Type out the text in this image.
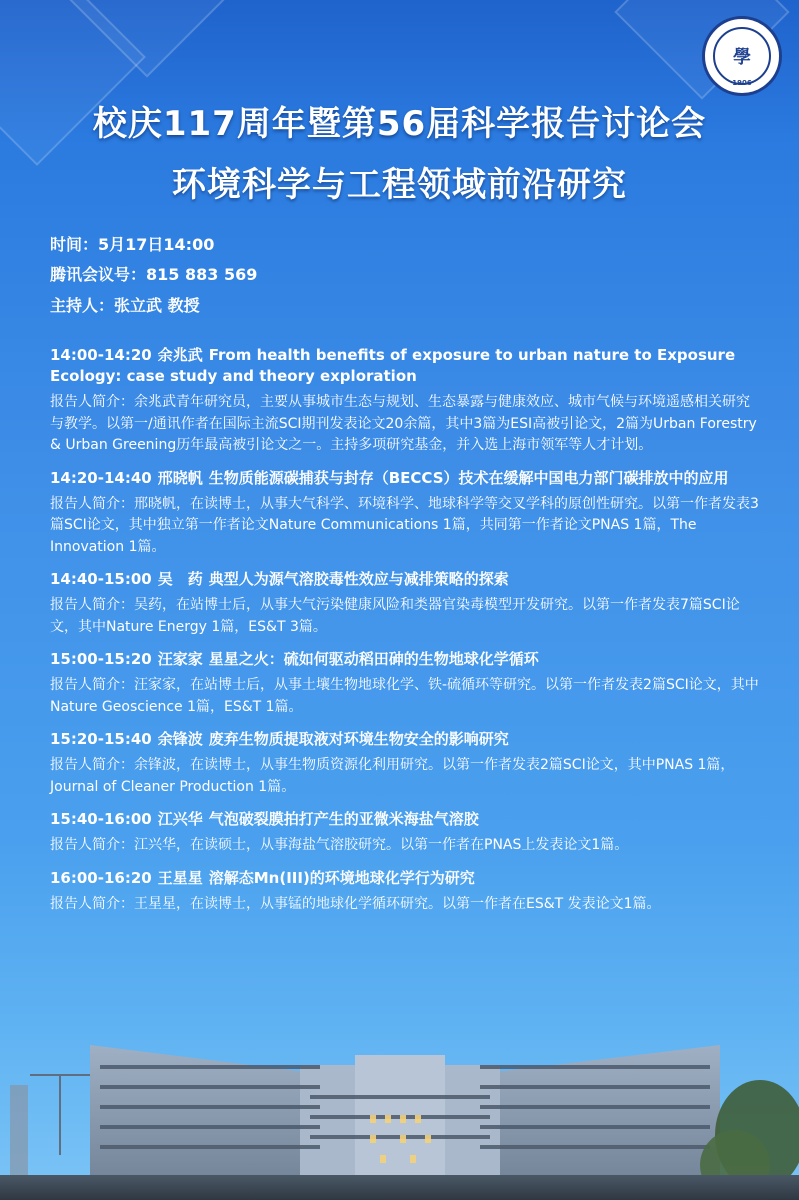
學
1906
校庆117周年暨第56届科学报告讨论会
环境科学与工程领域前沿研究
时间：5月17日14:00
腾讯会议号：815 883 569
主持人：张立武 教授
14:00-14:20 余兆武 From health benefits of exposure to urban nature to Exposure Ecology: case study and theory exploration
报告人简介：余兆武青年研究员，主要从事城市生态与规划、生态暴露与健康效应、城市气候与环境遥感相关研究与教学。以第一/通讯作者在国际主流SCI期刊发表论文20余篇，其中3篇为ESI高被引论文，2篇为Urban Forestry & Urban Greening历年最高被引论文之一。主持多项研究基金，并入选上海市领军等人才计划。
14:20-14:40 邢晓帆 生物质能源碳捕获与封存（BECCS）技术在缓解中国电力部门碳排放中的应用
报告人简介：邢晓帆，在读博士，从事大气科学、环境科学、地球科学等交叉学科的原创性研究。以第一作者发表3篇SCI论文，其中独立第一作者论文Nature Communications 1篇，共同第一作者论文PNAS 1篇，The Innovation 1篇。
14:40-15:00 吴　药 典型人为源气溶胶毒性效应与减排策略的探索
报告人简介：吴药，在站博士后，从事大气污染健康风险和类器官染毒模型开发研究。以第一作者发表7篇SCI论文，其中Nature Energy 1篇，ES&T 3篇。
15:00-15:20 汪家家 星星之火：硫如何驱动稻田砷的生物地球化学循环
报告人简介：汪家家，在站博士后，从事土壤生物地球化学、铁-硫循环等研究。以第一作者发表2篇SCI论文，其中Nature Geoscience 1篇，ES&T 1篇。
15:20-15:40 余锋波 废弃生物质提取液对环境生物安全的影响研究
报告人简介：余锋波，在读博士，从事生物质资源化利用研究。以第一作者发表2篇SCI论文，其中PNAS 1篇，Journal of Cleaner Production 1篇。
15:40-16:00 江兴华 气泡破裂膜拍打产生的亚微米海盐气溶胶
报告人简介：江兴华，在读硕士，从事海盐气溶胶研究。以第一作者在PNAS上发表论文1篇。
16:00-16:20 王星星 溶解态Mn(III)的环境地球化学行为研究
报告人简介：王星星，在读博士，从事锰的地球化学循环研究。以第一作者在ES&T 发表论文1篇。
